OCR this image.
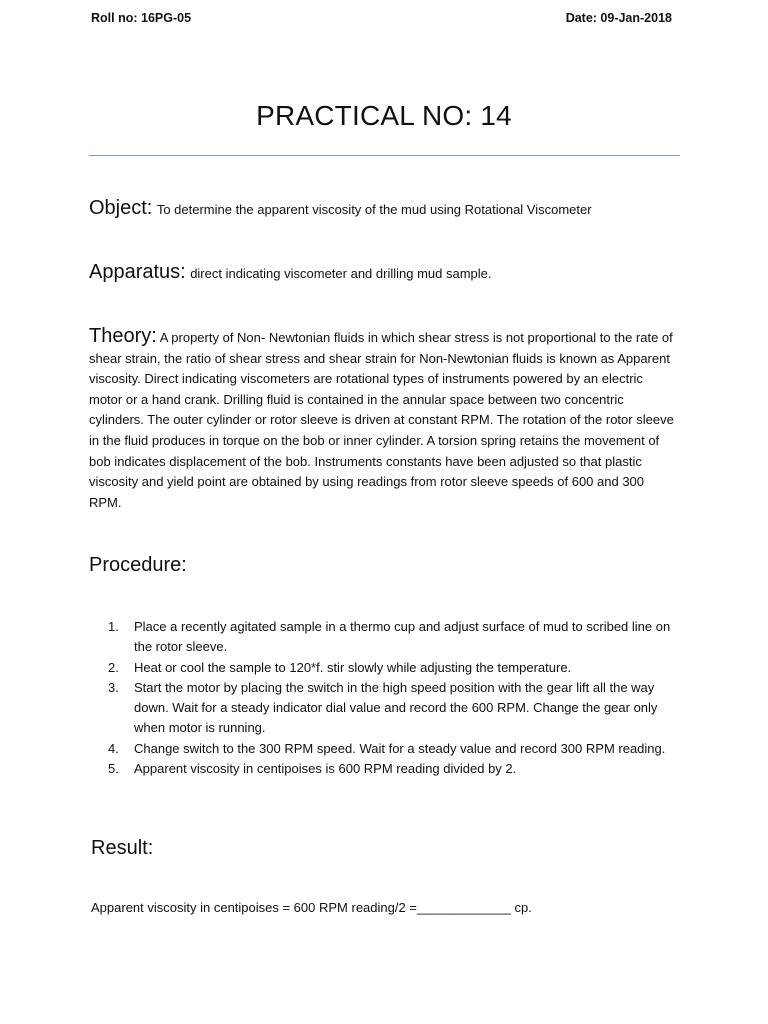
Roll no: 16PG-05	Date: 09-Jan-2018
PRACTICAL NO: 14
Object: To determine the apparent viscosity of the mud using Rotational Viscometer
Apparatus: direct indicating viscometer and drilling mud sample.
Theory: A property of Non- Newtonian fluids in which shear stress is not proportional to the rate of shear strain, the ratio of shear stress and shear strain for Non-Newtonian fluids is known as Apparent viscosity. Direct indicating viscometers are rotational types of instruments powered by an electric motor or a hand crank. Drilling fluid is contained in the annular space between two concentric cylinders. The outer cylinder or rotor sleeve is driven at constant RPM. The rotation of the rotor sleeve in the fluid produces in torque on the bob or inner cylinder. A torsion spring retains the movement of bob indicates displacement of the bob. Instruments constants have been adjusted so that plastic viscosity and yield point are obtained by using readings from rotor sleeve speeds of 600 and 300 RPM.
Procedure:
1. Place a recently agitated sample in a thermo cup and adjust surface of mud to scribed line on the rotor sleeve.
2. Heat or cool the sample to 120*f. stir slowly while adjusting the temperature.
3. Start the motor by placing the switch in the high speed position with the gear lift all the way down. Wait for a steady indicator dial value and record the 600 RPM. Change the gear only when motor is running.
4. Change switch to the 300 RPM speed. Wait for a steady value and record 300 RPM reading.
5. Apparent viscosity in centipoises is 600 RPM reading divided by 2.
Result:
Apparent viscosity in centipoises = 600 RPM reading/2 =_____________ cp.
